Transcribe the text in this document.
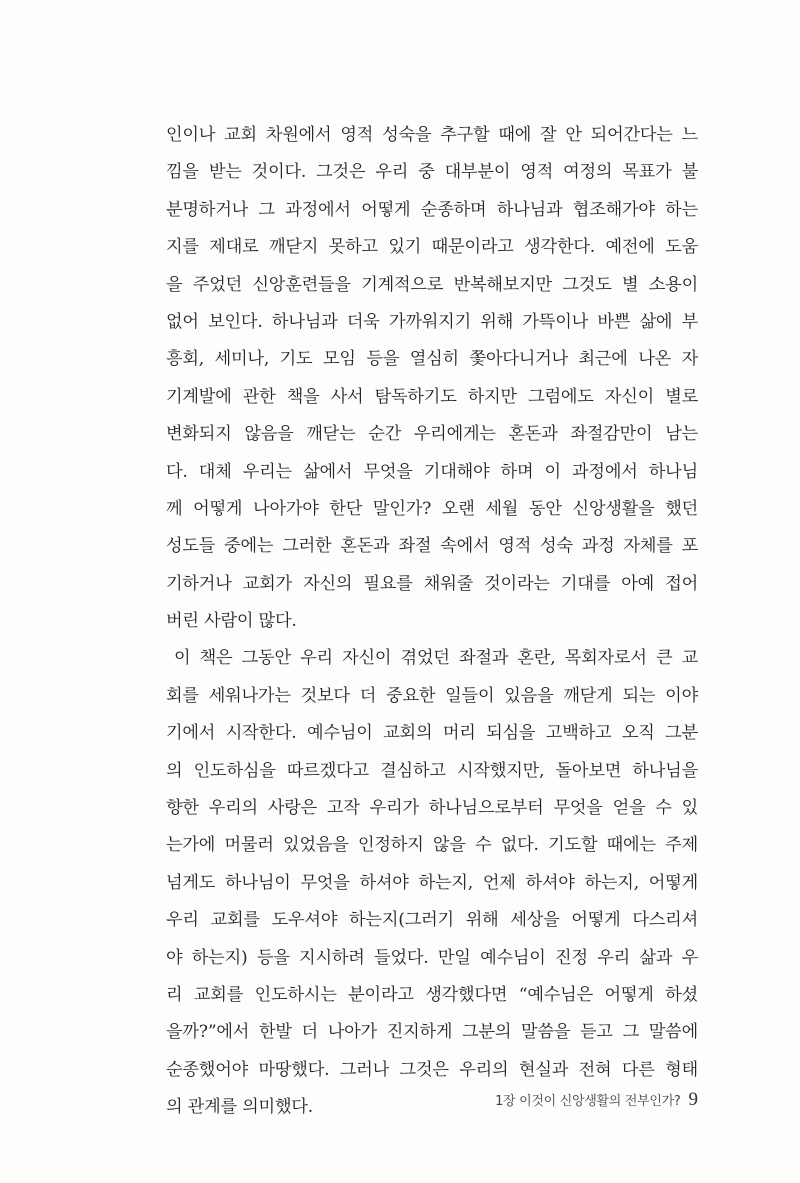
인이나 교회 차원에서 영적 성숙을 추구할 때에 잘 안 되어간다는 느
낌을 받는 것이다. 그것은 우리 중 대부분이 영적 여정의 목표가 불
분명하거나 그 과정에서 어떻게 순종하며 하나님과 협조해가야 하는
지를 제대로 깨닫지 못하고 있기 때문이라고 생각한다. 예전에 도움
을 주었던 신앙훈련들을 기계적으로 반복해보지만 그것도 별 소용이
없어 보인다. 하나님과 더욱 가까워지기 위해 가뜩이나 바쁜 삶에 부
흥회, 세미나, 기도 모임 등을 열심히 쫓아다니거나 최근에 나온 자
기계발에 관한 책을 사서 탐독하기도 하지만 그럼에도 자신이 별로
변화되지 않음을 깨닫는 순간 우리에게는 혼돈과 좌절감만이 남는
다. 대체 우리는 삶에서 무엇을 기대해야 하며 이 과정에서 하나님
께 어떻게 나아가야 한단 말인가? 오랜 세월 동안 신앙생활을 했던
성도들 중에는 그러한 혼돈과 좌절 속에서 영적 성숙 과정 자체를 포
기하거나 교회가 자신의 필요를 채워줄 것이라는 기대를 아예 접어
버린 사람이 많다.
이 책은 그동안 우리 자신이 겪었던 좌절과 혼란, 목회자로서 큰 교
회를 세워나가는 것보다 더 중요한 일들이 있음을 깨닫게 되는 이야
기에서 시작한다. 예수님이 교회의 머리 되심을 고백하고 오직 그분
의 인도하심을 따르겠다고 결심하고 시작했지만, 돌아보면 하나님을
향한 우리의 사랑은 고작 우리가 하나님으로부터 무엇을 얻을 수 있
는가에 머물러 있었음을 인정하지 않을 수 없다. 기도할 때에는 주제
넘게도 하나님이 무엇을 하셔야 하는지, 언제 하셔야 하는지, 어떻게
우리 교회를 도우셔야 하는지(그러기 위해 세상을 어떻게 다스리셔
야 하는지) 등을 지시하려 들었다. 만일 예수님이 진정 우리 삶과 우
리 교회를 인도하시는 분이라고 생각했다면 “예수님은 어떻게 하셨
을까?”에서 한발 더 나아가 진지하게 그분의 말씀을 듣고 그 말씀에
순종했어야 마땅했다. 그러나 그것은 우리의 현실과 전혀 다른 형태
의 관계를 의미했다.	1장 이것이 신앙생활의 전부인가? 9
